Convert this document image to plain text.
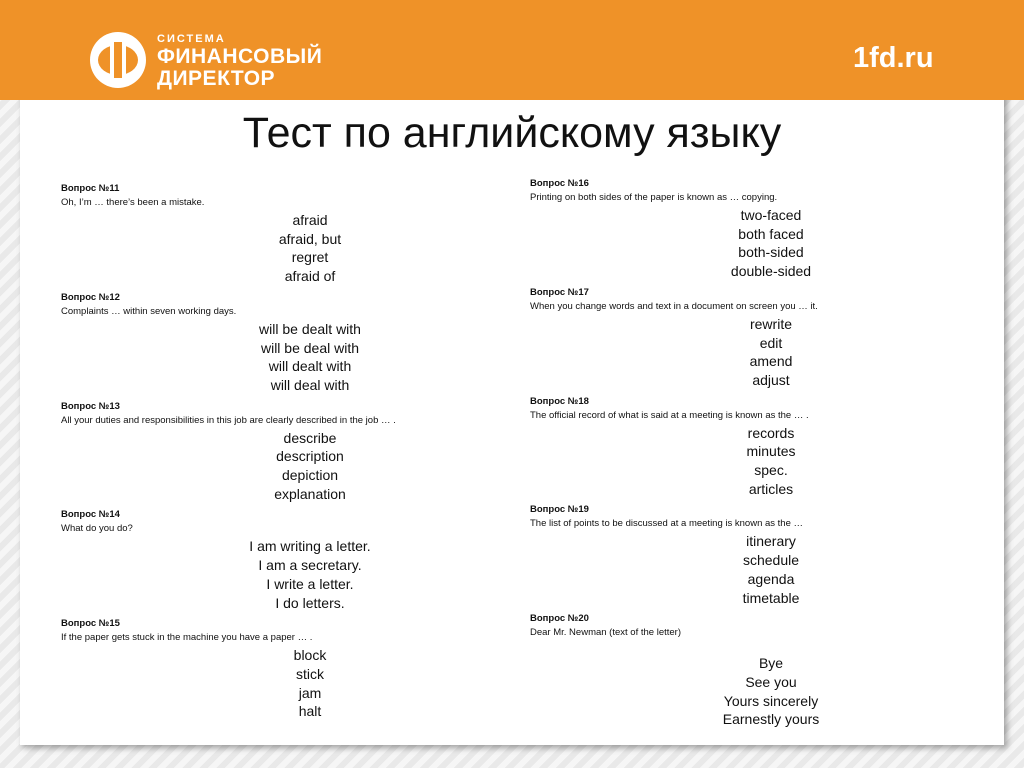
СИСТЕМА
ФИНАНСОВЫЙ
ДИРЕКТОР
1fd.ru
Тест по английскому языку
Вопрос №11
Oh, I’m … there’s been a mistake.
afraid
afraid, but
regret
afraid of
Вопрос №12
Complaints … within seven working days.
will be dealt with
will be deal with
will dealt with
will deal with
Вопрос №13
All your duties and responsibilities in this job are clearly described in the job … .
describe
description
depiction
explanation
Вопрос №14
What do you do?
I am writing a letter.
I am a secretary.
I write a letter.
I do letters.
Вопрос №15
If the paper gets stuck in the machine you have a paper … .
block
stick
jam
halt
Вопрос №16
Printing on both sides of the paper is known as … copying.
two-faced
both faced
both-sided
double-sided
Вопрос №17
When you change words and text in a document on screen you … it.
rewrite
edit
amend
adjust
Вопрос №18
The official record of what is said at a meeting is known as the … .
records
minutes
spec.
articles
Вопрос №19
The list of points to be discussed at a meeting is known as the …
itinerary
schedule
agenda
timetable
Вопрос №20
Dear Mr. Newman (text of the letter)
Bye
See you
Yours sincerely
Earnestly yours
